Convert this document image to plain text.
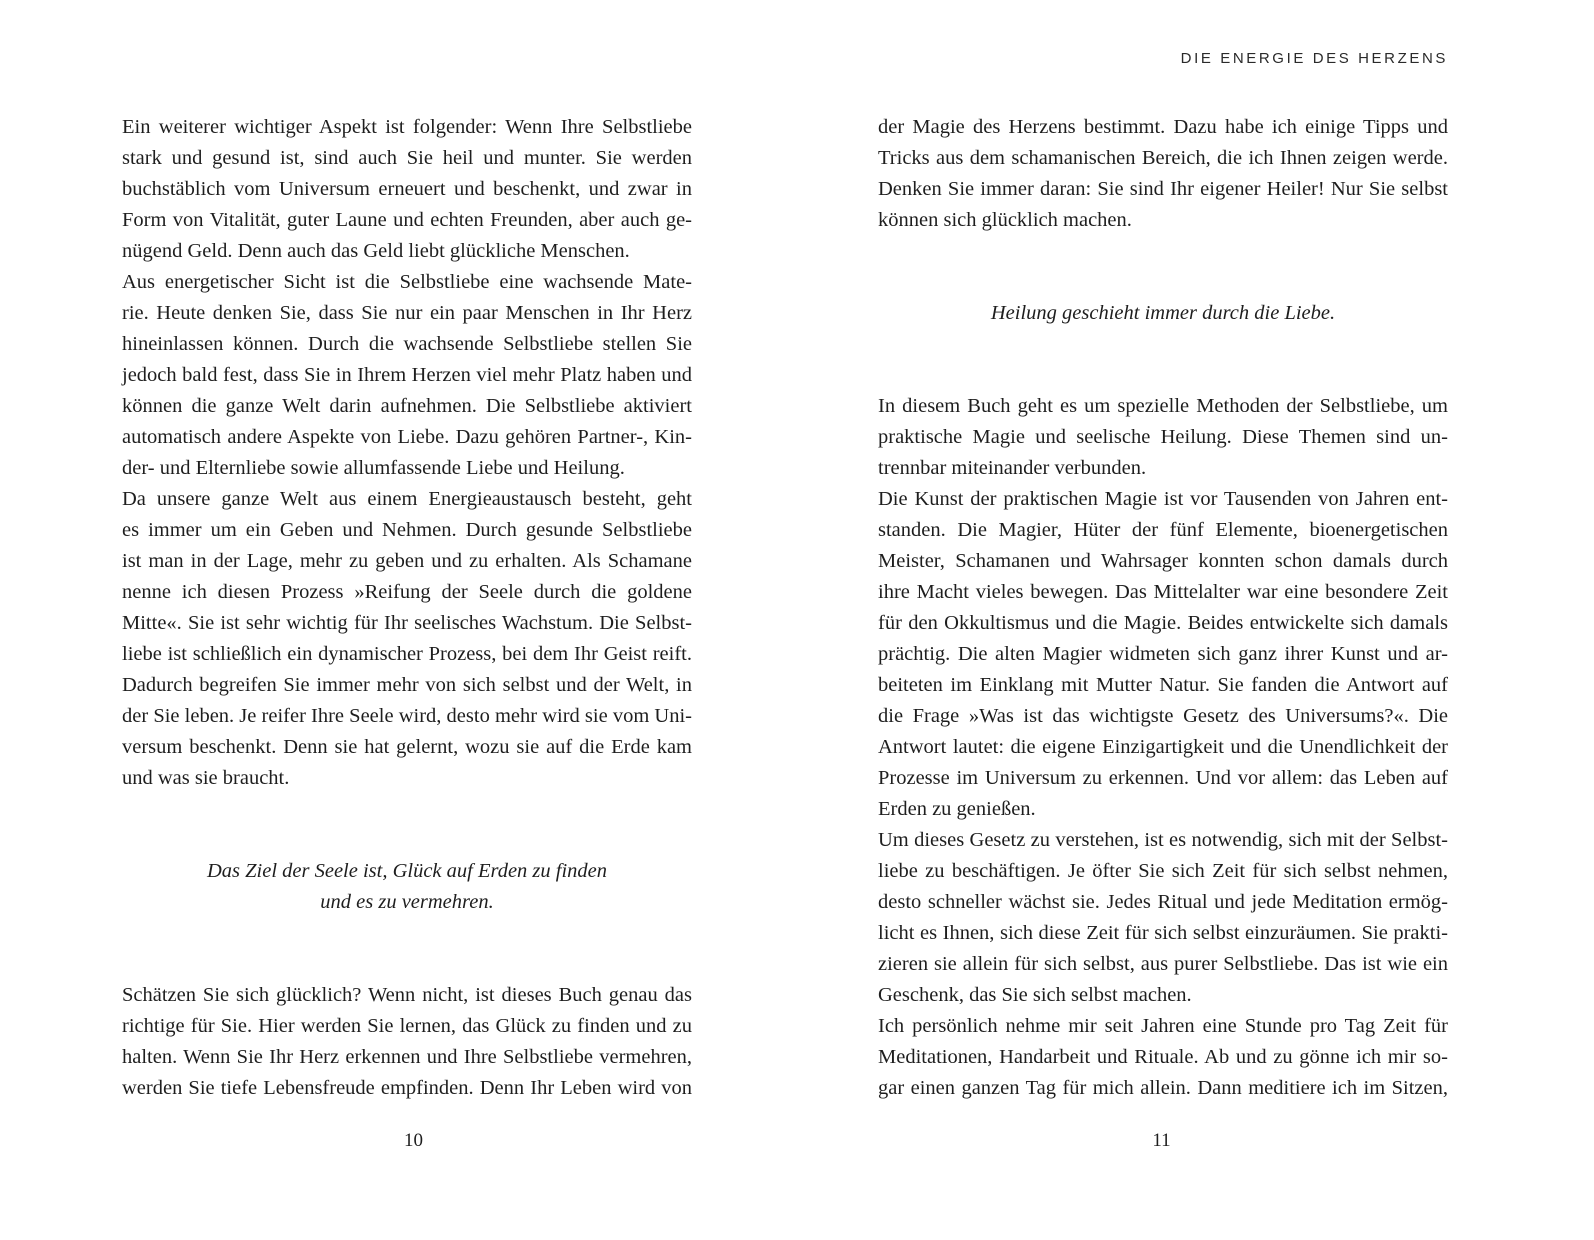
Ein weiterer wichtiger Aspekt ist folgender: Wenn Ihre Selbstliebe
stark und gesund ist, sind auch Sie heil und munter. Sie werden
buchstäblich vom Universum erneuert und beschenkt, und zwar in
Form von Vitalität, guter Laune und echten Freunden, aber auch ge-
nügend Geld. Denn auch das Geld liebt glückliche Menschen.

Aus energetischer Sicht ist die Selbstliebe eine wachsende Mate-
rie. Heute denken Sie, dass Sie nur ein paar Menschen in Ihr Herz
hineinlassen können. Durch die wachsende Selbstliebe stellen Sie
jedoch bald fest, dass Sie in Ihrem Herzen viel mehr Platz haben und
können die ganze Welt darin aufnehmen. Die Selbstliebe aktiviert
automatisch andere Aspekte von Liebe. Dazu gehören Partner-, Kin-
der- und Elternliebe sowie allumfassende Liebe und Heilung.

Da unsere ganze Welt aus einem Energieaustausch besteht, geht
es immer um ein Geben und Nehmen. Durch gesunde Selbstliebe
ist man in der Lage, mehr zu geben und zu erhalten. Als Schamane
nenne ich diesen Prozess »Reifung der Seele durch die goldene
Mitte«. Sie ist sehr wichtig für Ihr seelisches Wachstum. Die Selbst-
liebe ist schließlich ein dynamischer Prozess, bei dem Ihr Geist reift.
Dadurch begreifen Sie immer mehr von sich selbst und der Welt, in
der Sie leben. Je reifer Ihre Seele wird, desto mehr wird sie vom Uni-
versum beschenkt. Denn sie hat gelernt, wozu sie auf die Erde kam
und was sie braucht.

Das Ziel der Seele ist, Glück auf Erden zu finden
und es zu vermehren.

Schätzen Sie sich glücklich? Wenn nicht, ist dieses Buch genau das
richtige für Sie. Hier werden Sie lernen, das Glück zu finden und zu
halten. Wenn Sie Ihr Herz erkennen und Ihre Selbstliebe vermehren,
werden Sie tiefe Lebensfreude empfinden. Denn Ihr Leben wird von

10
DIE ENERGIE DES HERZENS

der Magie des Herzens bestimmt. Dazu habe ich einige Tipps und
Tricks aus dem schamanischen Bereich, die ich Ihnen zeigen werde.
Denken Sie immer daran: Sie sind Ihr eigener Heiler! Nur Sie selbst
können sich glücklich machen.

Heilung geschieht immer durch die Liebe.

In diesem Buch geht es um spezielle Methoden der Selbstliebe, um
praktische Magie und seelische Heilung. Diese Themen sind un-
trennbar miteinander verbunden.

Die Kunst der praktischen Magie ist vor Tausenden von Jahren ent-
standen. Die Magier, Hüter der fünf Elemente, bioenergetischen
Meister, Schamanen und Wahrsager konnten schon damals durch
ihre Macht vieles bewegen. Das Mittelalter war eine besondere Zeit
für den Okkultismus und die Magie. Beides entwickelte sich damals
prächtig. Die alten Magier widmeten sich ganz ihrer Kunst und ar-
beiteten im Einklang mit Mutter Natur. Sie fanden die Antwort auf
die Frage »Was ist das wichtigste Gesetz des Universums?«. Die
Antwort lautet: die eigene Einzigartigkeit und die Unendlichkeit der
Prozesse im Universum zu erkennen. Und vor allem: das Leben auf
Erden zu genießen.

Um dieses Gesetz zu verstehen, ist es notwendig, sich mit der Selbst-
liebe zu beschäftigen. Je öfter Sie sich Zeit für sich selbst nehmen,
desto schneller wächst sie. Jedes Ritual und jede Meditation ermög-
licht es Ihnen, sich diese Zeit für sich selbst einzuräumen. Sie prakti-
zieren sie allein für sich selbst, aus purer Selbstliebe. Das ist wie ein
Geschenk, das Sie sich selbst machen.

Ich persönlich nehme mir seit Jahren eine Stunde pro Tag Zeit für
Meditationen, Handarbeit und Rituale. Ab und zu gönne ich mir so-
gar einen ganzen Tag für mich allein. Dann meditiere ich im Sitzen,

11
